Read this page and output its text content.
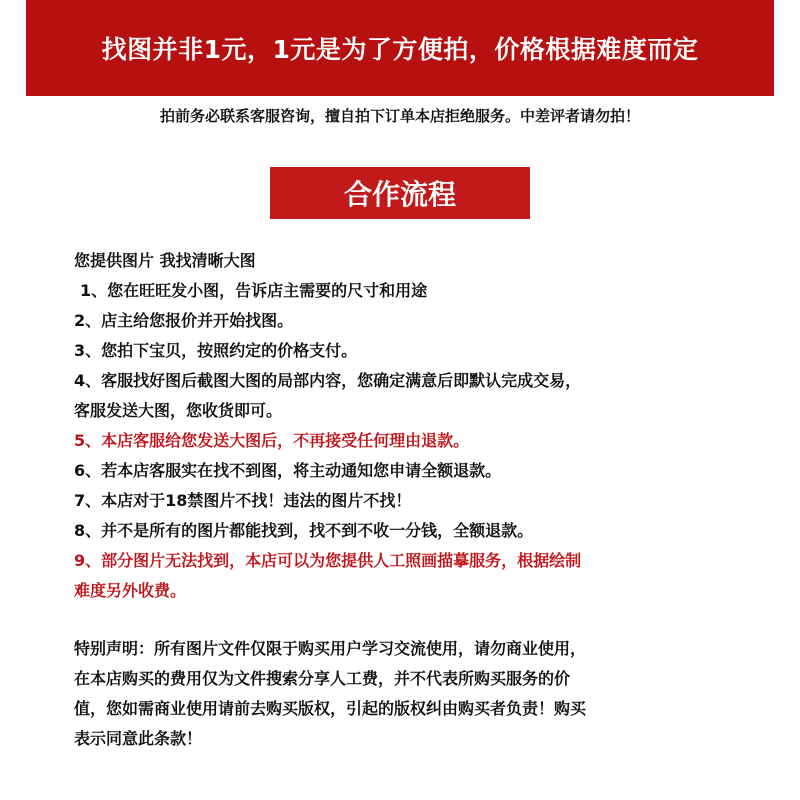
找图并非1元，1元是为了方便拍，价格根据难度而定
拍前务必联系客服咨询，擅自拍下订单本店拒绝服务。中差评者请勿拍！
合作流程
您提供图片 我找清晰大图
1、您在旺旺发小图，告诉店主需要的尺寸和用途
2、店主给您报价并开始找图。
3、您拍下宝贝，按照约定的价格支付。
4、客服找好图后截图大图的局部内容，您确定满意后即默认完成交易，
客服发送大图，您收货即可。
5、本店客服给您发送大图后，不再接受任何理由退款。
6、若本店客服实在找不到图，将主动通知您申请全额退款。
7、本店对于18禁图片不找！违法的图片不找！
8、并不是所有的图片都能找到，找不到不收一分钱，全额退款。
9、部分图片无法找到，本店可以为您提供人工照画描摹服务，根据绘制
难度另外收费。
特别声明：所有图片文件仅限于购买用户学习交流使用，请勿商业使用，
在本店购买的费用仅为文件搜索分享人工费，并不代表所购买服务的价
值，您如需商业使用请前去购买版权，引起的版权纠由购买者负责！购买
表示同意此条款！
